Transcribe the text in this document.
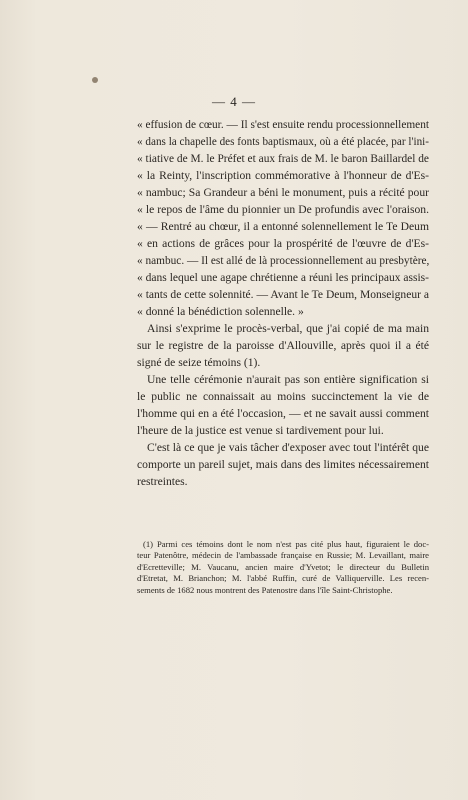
— 4 —

« effusion de cœur. — Il s'est ensuite rendu processionnellement
« dans la chapelle des fonts baptismaux, où a été placée, par l'ini-
« tiative de M. le Préfet et aux frais de M. le baron Baillardel de
« la Reinty, l'inscription commémorative à l'honneur de d'Es-
« nambuc; Sa Grandeur a béni le monument, puis a récité pour
« le repos de l'âme du pionnier un De profundis avec l'oraison.
« — Rentré au chœur, il a entonné solennellement le Te Deum
« en actions de grâces pour la prospérité de l'œuvre de d'Es-
« nambuc. — Il est allé de là processionnellement au presbytère,
« dans lequel une agape chrétienne a réuni les principaux assis-
« tants de cette solennité. — Avant le Te Deum, Monseigneur a
« donné la bénédiction solennelle. »

Ainsi s'exprime le procès-verbal, que j'ai copié de ma main
sur le registre de la paroisse d'Allouville, après quoi il a été
signé de seize témoins (1).

Une telle cérémonie n'aurait pas son entière signification si
le public ne connaissait au moins succinctement la vie de
l'homme qui en a été l'occasion, — et ne savait aussi comment
l'heure de la justice est venue si tardivement pour lui.

C'est là ce que je vais tâcher d'exposer avec tout l'intérêt que
comporte un pareil sujet, mais dans des limites nécessairement
restreintes.

(1) Parmi ces témoins dont le nom n'est pas cité plus haut, figuraient le doc-
teur Patenôtre, médecin de l'ambassade française en Russie; M. Levaillant, maire
d'Ecretteville; M. Vaucanu, ancien maire d'Yvetot; le directeur du Bulletin
d'Etretat, M. Brianchon; M. l'abbé Ruffin, curé de Valliquerville. Les recen-
sements de 1682 nous montrent des Patenostre dans l'île Saint-Christophe.
